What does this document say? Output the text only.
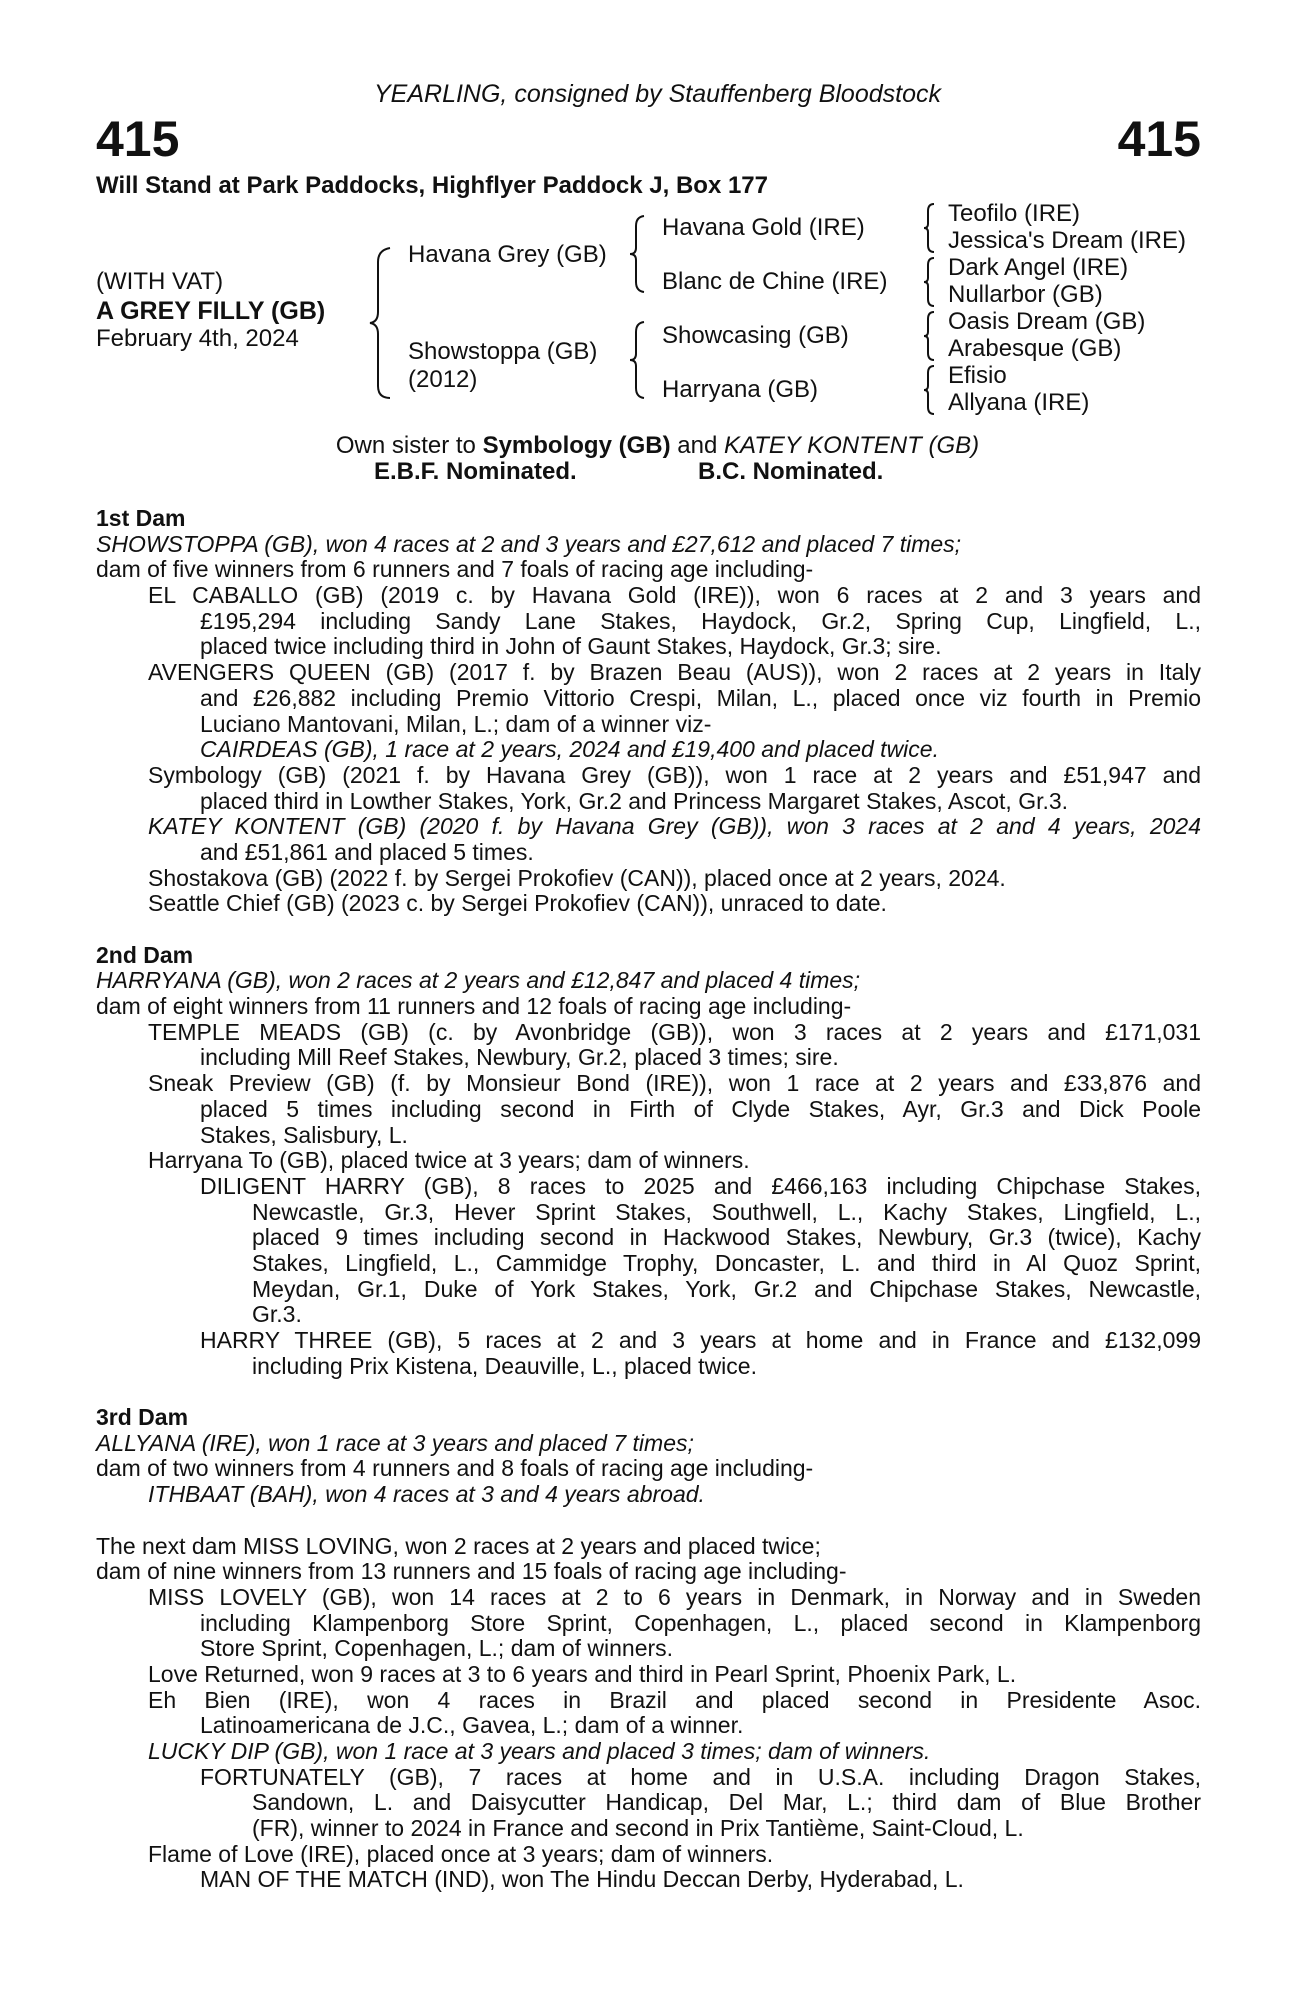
YEARLING, consigned by Stauffenberg Bloodstock
415	415
Will Stand at Park Paddocks, Highflyer Paddock J, Box 177
(WITH VAT)
A GREY FILLY (GB)
February 4th, 2024
Havana Grey (GB)
Showstoppa (GB)
(2012)
Havana Gold (IRE)
Blanc de Chine (IRE)
Showcasing (GB)
Harryana (GB)
Teofilo (IRE)
Jessica's Dream (IRE)
Dark Angel (IRE)
Nullarbor (GB)
Oasis Dream (GB)
Arabesque (GB)
Efisio
Allyana (IRE)
Own sister to Symbology (GB) and KATEY KONTENT (GB)
E.B.F. Nominated.	B.C. Nominated.
1st Dam
SHOWSTOPPA (GB), won 4 races at 2 and 3 years and £27,612 and placed 7 times;
dam of five winners from 6 runners and 7 foals of racing age including-
EL CABALLO (GB) (2019 c. by Havana Gold (IRE)), won 6 races at 2 and 3 years and
£195,294 including Sandy Lane Stakes, Haydock, Gr.2, Spring Cup, Lingfield, L.,
placed twice including third in John of Gaunt Stakes, Haydock, Gr.3; sire.
AVENGERS QUEEN (GB) (2017 f. by Brazen Beau (AUS)), won 2 races at 2 years in Italy
and £26,882 including Premio Vittorio Crespi, Milan, L., placed once viz fourth in Premio
Luciano Mantovani, Milan, L.; dam of a winner viz-
CAIRDEAS (GB), 1 race at 2 years, 2024 and £19,400 and placed twice.
Symbology (GB) (2021 f. by Havana Grey (GB)), won 1 race at 2 years and £51,947 and
placed third in Lowther Stakes, York, Gr.2 and Princess Margaret Stakes, Ascot, Gr.3.
KATEY KONTENT (GB) (2020 f. by Havana Grey (GB)), won 3 races at 2 and 4 years, 2024
and £51,861 and placed 5 times.
Shostakova (GB) (2022 f. by Sergei Prokofiev (CAN)), placed once at 2 years, 2024.
Seattle Chief (GB) (2023 c. by Sergei Prokofiev (CAN)), unraced to date.
2nd Dam
HARRYANA (GB), won 2 races at 2 years and £12,847 and placed 4 times;
dam of eight winners from 11 runners and 12 foals of racing age including-
TEMPLE MEADS (GB) (c. by Avonbridge (GB)), won 3 races at 2 years and £171,031
including Mill Reef Stakes, Newbury, Gr.2, placed 3 times; sire.
Sneak Preview (GB) (f. by Monsieur Bond (IRE)), won 1 race at 2 years and £33,876 and
placed 5 times including second in Firth of Clyde Stakes, Ayr, Gr.3 and Dick Poole
Stakes, Salisbury, L.
Harryana To (GB), placed twice at 3 years; dam of winners.
DILIGENT HARRY (GB), 8 races to 2025 and £466,163 including Chipchase Stakes,
Newcastle, Gr.3, Hever Sprint Stakes, Southwell, L., Kachy Stakes, Lingfield, L.,
placed 9 times including second in Hackwood Stakes, Newbury, Gr.3 (twice), Kachy
Stakes, Lingfield, L., Cammidge Trophy, Doncaster, L. and third in Al Quoz Sprint,
Meydan, Gr.1, Duke of York Stakes, York, Gr.2 and Chipchase Stakes, Newcastle,
Gr.3.
HARRY THREE (GB), 5 races at 2 and 3 years at home and in France and £132,099
including Prix Kistena, Deauville, L., placed twice.
3rd Dam
ALLYANA (IRE), won 1 race at 3 years and placed 7 times;
dam of two winners from 4 runners and 8 foals of racing age including-
ITHBAAT (BAH), won 4 races at 3 and 4 years abroad.
The next dam MISS LOVING, won 2 races at 2 years and placed twice;
dam of nine winners from 13 runners and 15 foals of racing age including-
MISS LOVELY (GB), won 14 races at 2 to 6 years in Denmark, in Norway and in Sweden
including Klampenborg Store Sprint, Copenhagen, L., placed second in Klampenborg
Store Sprint, Copenhagen, L.; dam of winners.
Love Returned, won 9 races at 3 to 6 years and third in Pearl Sprint, Phoenix Park, L.
Eh Bien (IRE), won 4 races in Brazil and placed second in Presidente Asoc.
Latinoamericana de J.C., Gavea, L.; dam of a winner.
LUCKY DIP (GB), won 1 race at 3 years and placed 3 times; dam of winners.
FORTUNATELY (GB), 7 races at home and in U.S.A. including Dragon Stakes,
Sandown, L. and Daisycutter Handicap, Del Mar, L.; third dam of Blue Brother
(FR), winner to 2024 in France and second in Prix Tantième, Saint-Cloud, L.
Flame of Love (IRE), placed once at 3 years; dam of winners.
MAN OF THE MATCH (IND), won The Hindu Deccan Derby, Hyderabad, L.
